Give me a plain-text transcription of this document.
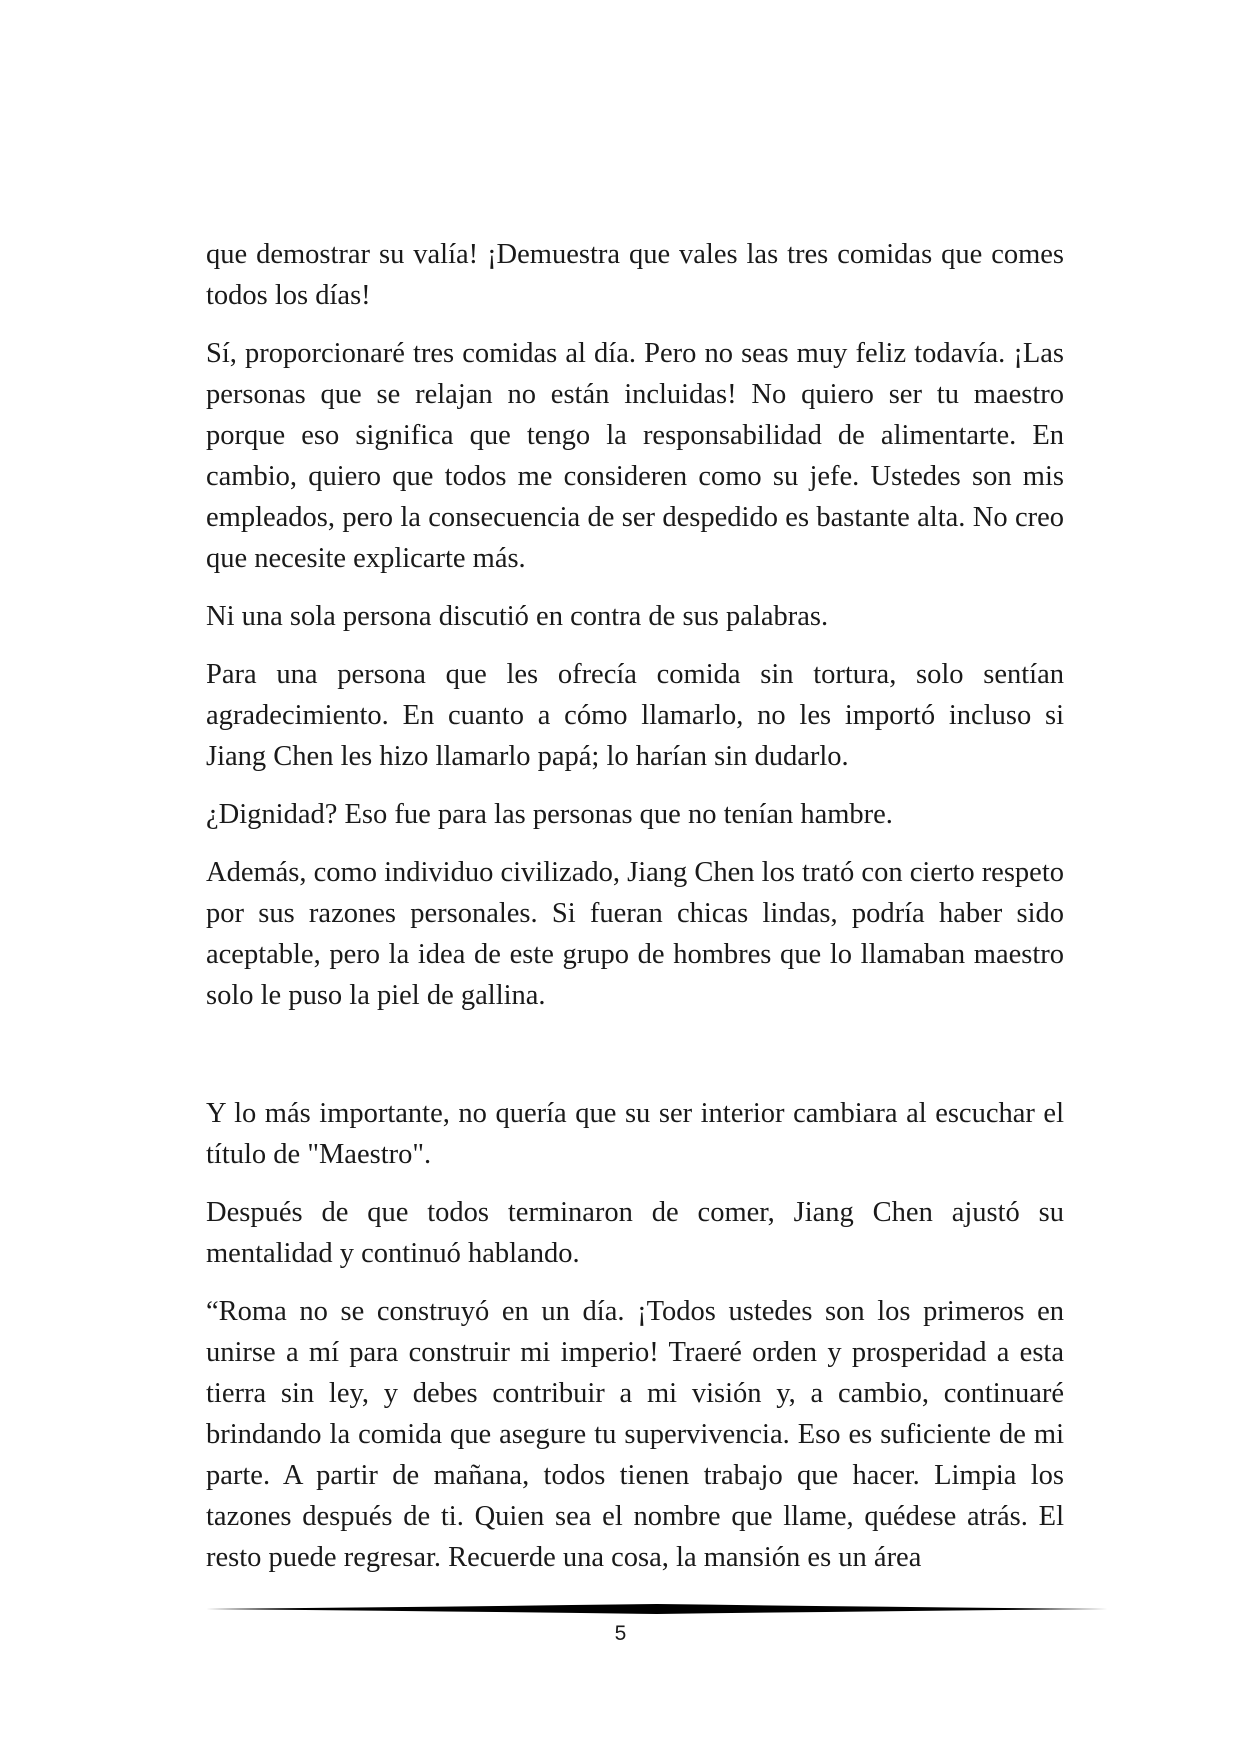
que demostrar su valía! ¡Demuestra que vales las tres comidas que comes todos los días!

Sí, proporcionaré tres comidas al día. Pero no seas muy feliz todavía. ¡Las personas que se relajan no están incluidas! No quiero ser tu maestro porque eso significa que tengo la responsabilidad de alimentarte. En cambio, quiero que todos me consideren como su jefe. Ustedes son mis empleados, pero la consecuencia de ser despedido es bastante alta. No creo que necesite explicarte más.

Ni una sola persona discutió en contra de sus palabras.

Para una persona que les ofrecía comida sin tortura, solo sentían agradecimiento. En cuanto a cómo llamarlo, no les importó incluso si Jiang Chen les hizo llamarlo papá; lo harían sin dudarlo.

¿Dignidad? Eso fue para las personas que no tenían hambre.

Además, como individuo civilizado, Jiang Chen los trató con cierto respeto por sus razones personales. Si fueran chicas lindas, podría haber sido aceptable, pero la idea de este grupo de hombres que lo llamaban maestro solo le puso la piel de gallina.

Y lo más importante, no quería que su ser interior cambiara al escuchar el título de "Maestro".

Después de que todos terminaron de comer, Jiang Chen ajustó su mentalidad y continuó hablando.

“Roma no se construyó en un día. ¡Todos ustedes son los primeros en unirse a mí para construir mi imperio! Traeré orden y prosperidad a esta tierra sin ley, y debes contribuir a mi visión y, a cambio, continuaré brindando la comida que asegure tu supervivencia. Eso es suficiente de mi parte. A partir de mañana, todos tienen trabajo que hacer. Limpia los tazones después de ti. Quien sea el nombre que llame, quédese atrás. El resto puede regresar. Recuerde una cosa, la mansión es un área

5
